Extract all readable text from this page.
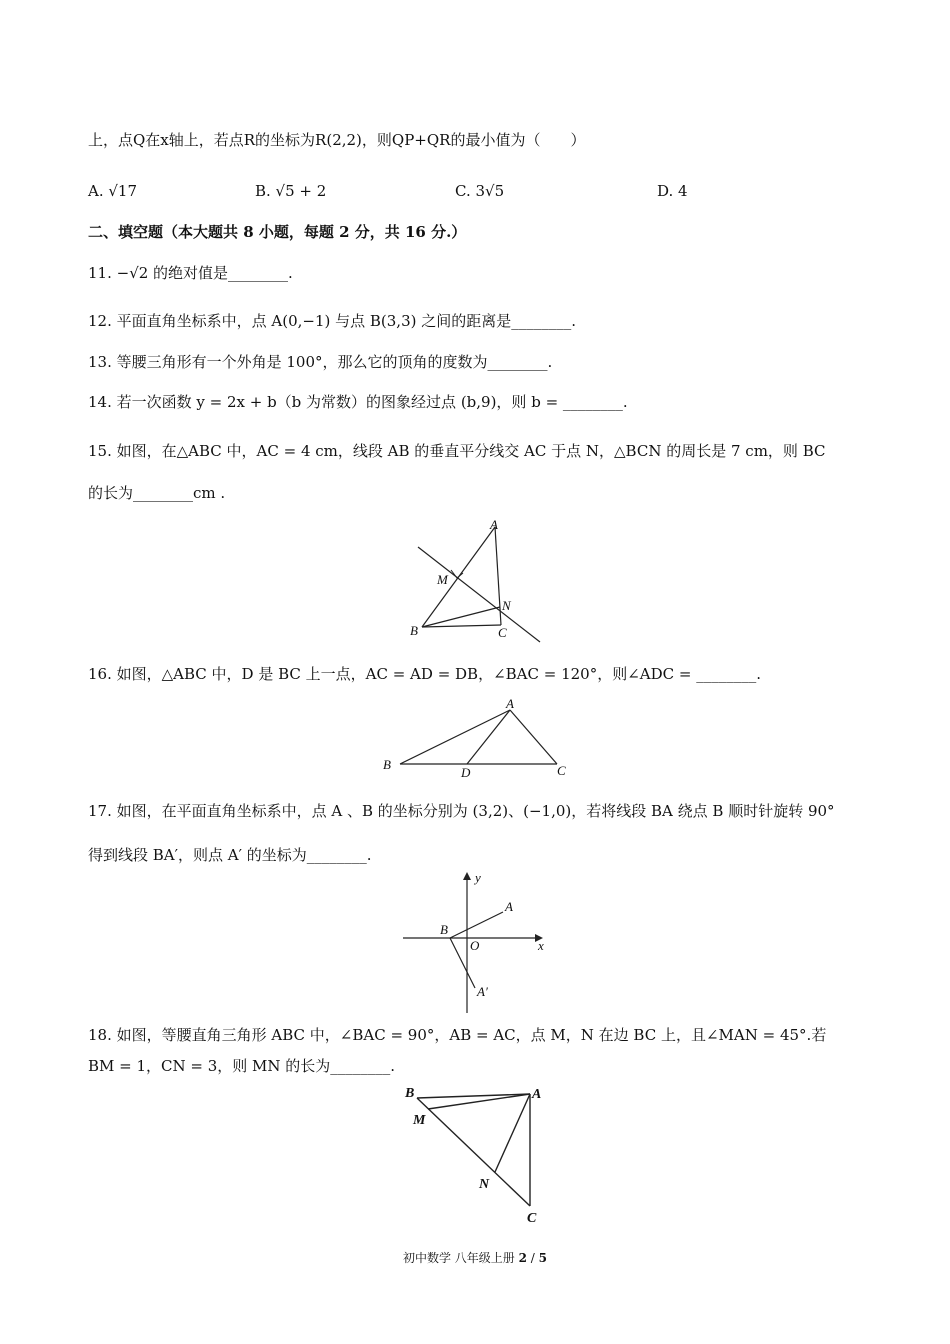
上，点Q在x轴上，若点R的坐标为R(2,2)，则QP+QR的最小值为（　　）
A. √17	B. √5 + 2	C. 3√5	D. 4
二、填空题（本大题共 8 小题，每题 2 分，共 16 分.）
11. −√2 的绝对值是________.
12. 平面直角坐标系中，点 A(0,−1) 与点 B(3,3) 之间的距离是________.
13. 等腰三角形有一个外角是 100°，那么它的顶角的度数为________.
14. 若一次函数 y = 2x + b（b 为常数）的图象经过点 (b,9)，则 b = ________.
15. 如图，在△ABC 中，AC = 4 cm，线段 AB 的垂直平分线交 AC 于点 N，△BCN 的周长是 7 cm，则 BC
的长为________cm .
A
B	C
M
N
16. 如图，△ABC 中，D 是 BC 上一点，AC = AD = DB，∠BAC = 120°，则∠ADC = ________.
A
B	C
D
17. 如图，在平面直角坐标系中，点 A 、B 的坐标分别为 (3,2)、(−1,0)，若将线段 BA 绕点 B 顺时针旋转 90°
得到线段 BA′，则点 A′ 的坐标为________.
y
x
A
B
O
A′
18. 如图，等腰直角三角形 ABC 中，∠BAC = 90°，AB = AC，点 M，N 在边 BC 上，且∠MAN = 45°.若
BM = 1，CN = 3，则 MN 的长为________.
A
B
C
M
N
初中数学 八年级上册 2 / 5
